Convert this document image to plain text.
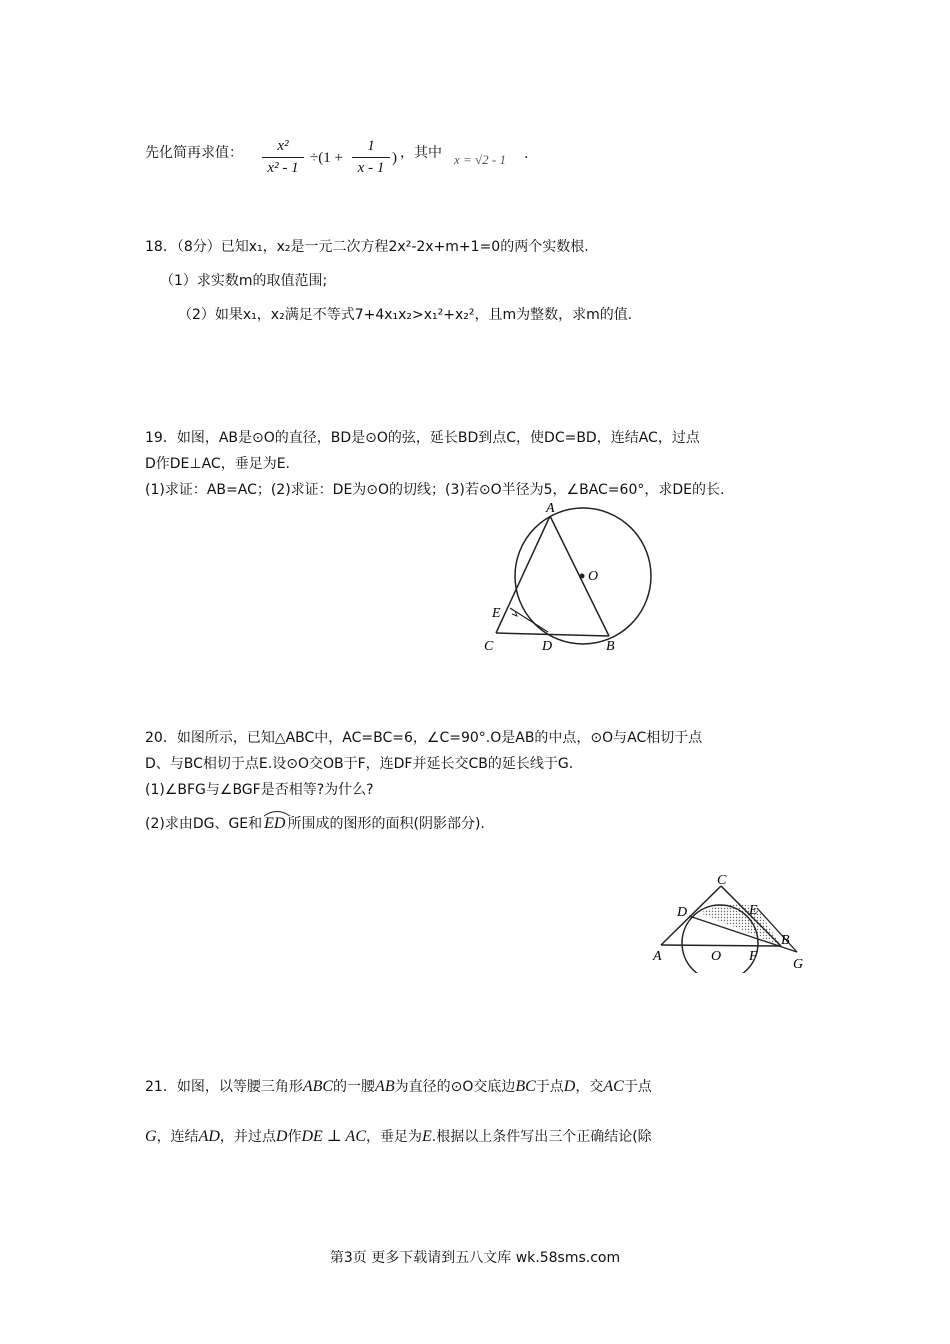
先化简再求值：	x²
x² - 1
÷(1 +
1
x - 1
) ，其中 x = √2 - 1 .
18．（8分）已知x₁，x₂是一元二次方程2x²-2x+m+1=0的两个实数根.
（1）求实数m的取值范围;
（2）如果x₁，x₂满足不等式7+4x₁x₂>x₁²+x₂²，且m为整数，求m的值.
19．如图，AB是⊙O的直径，BD是⊙O的弦，延长BD到点C，使DC=BD，连结AC，过点
D作DE⊥AC，垂足为E.
(1)求证：AB=AC；(2)求证：DE为⊙O的切线；(3)若⊙O半径为5，∠BAC=60°，求DE的长.
A
O
E
C	D	B
20．如图所示，已知△ABC中，AC=BC=6，∠C=90°.O是AB的中点，⊙O与AC相切于点
D、与BC相切于点E.设⊙O交OB于F，连DF并延长交CB的延长线于G.
(1)∠BFG与∠BGF是否相等?为什么?
(2)求由DG、GE和 ED 所围成的图形的面积(阴影部分).
C
D	E
B
A	O F
G
21．如图，以等腰三角形ABC的一腰AB为直径的⊙O交底边BC于点D，交AC于点
G，连结AD，并过点D作DE ⊥ AC，垂足为E.根据以上条件写出三个正确结论(除
第3页 更多下载请到五八文库 wk.58sms.com
